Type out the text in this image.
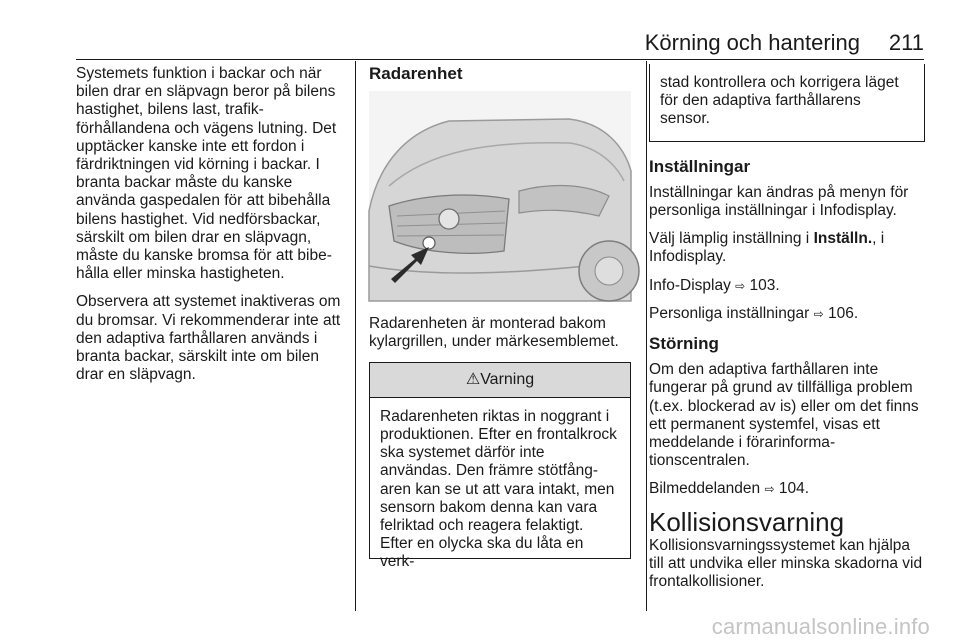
Körning och hantering 211

Systemets funktion i backar och när bilen drar en släpvagn beror på bilens hastighet, bilens last, trafikförhållandena och vägens lutning. Det upptäcker kanske inte ett fordon i färdriktningen vid körning i backar. I branta backar måste du kanske använda gaspedalen för att bibehålla bilens hastighet. Vid nedförsbackar, särskilt om bilen drar en släpvagn, måste du kanske bromsa för att bibehålla eller minska hastigheten.

Observera att systemet inaktiveras om du bromsar. Vi rekommenderar inte att den adaptiva farthållaren används i branta backar, särskilt inte om bilen drar en släpvagn.

Radarenhet

Radarenheten är monterad bakom kylargrillen, under märkesemblemet.

⚠Varning
Radarenheten riktas in noggrant i produktionen. Efter en frontalkrock ska systemet därför inte användas. Den främre stötfångaren kan se ut att vara intakt, men sensorn bakom denna kan vara felriktad och reagera felaktigt. Efter en olycka ska du låta en verk-
stad kontrollera och korrigera läget för den adaptiva farthållarens sensor.
Inställningar

Inställningar kan ändras på menyn för personliga inställningar i Infodisplay.

Välj lämplig inställning i Inställn., i Infodisplay.

Info-Display ⇨ 103.

Personliga inställningar ⇨ 106.

Störning

Om den adaptiva farthållaren inte fungerar på grund av tillfälliga problem (t.ex. blockerad av is) eller om det finns ett permanent systemfel, visas ett meddelande i förarinformationscentralen.

Bilmeddelanden ⇨ 104.

Kollisionsvarning

Kollisionsvarningssystemet kan hjälpa till att undvika eller minska skadorna vid frontalkollisioner.

carmanualsonline.info
